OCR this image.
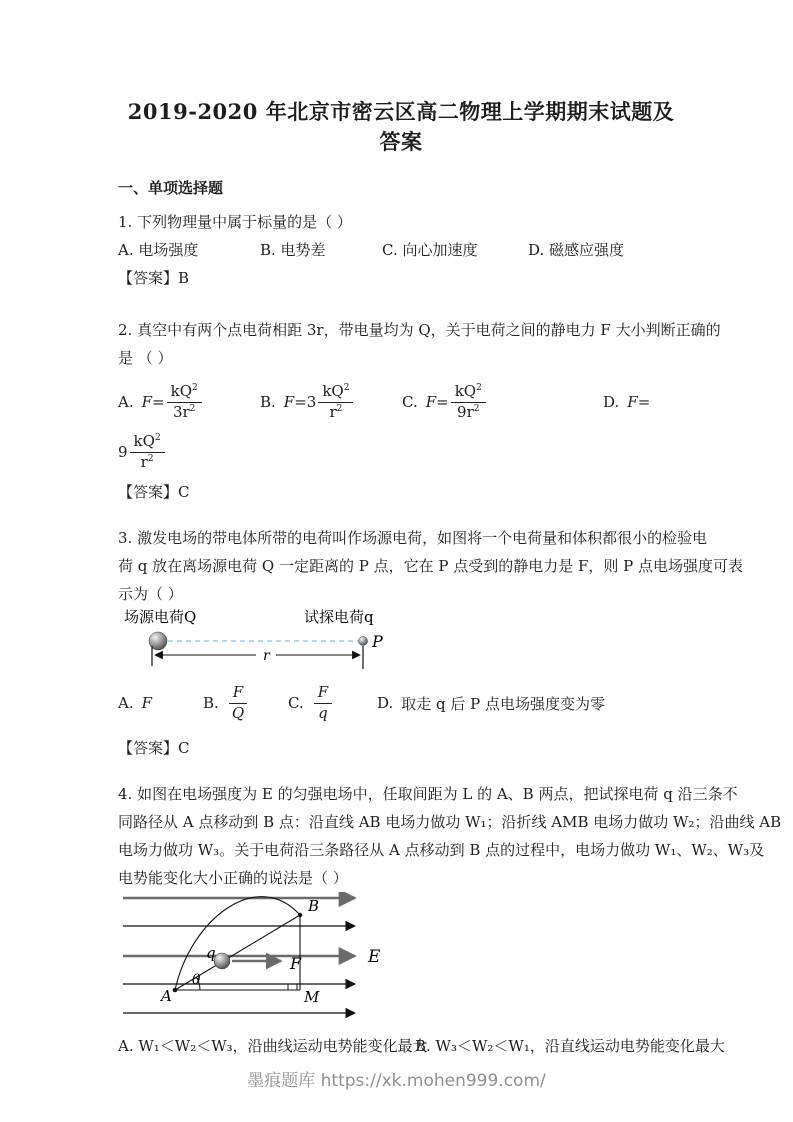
2019-2020 年北京市密云区高二物理上学期期末试题及答案
一、单项选择题

1. 下列物理量中属于标量的是（ ）

A. 电场强度	B. 电势差	C. 向心加速度	D. 磁感应强度

【答案】B

2. 真空中有两个点电荷相距 3r，带电量均为 Q，关于电荷之间的静电力 F 大小判断正确的

是 （ ）

A. $F = \frac{kQ^2}{3r^2}$	B. $F = 3 \frac{kQ^2}{r^2}$	C. $F = \frac{kQ^2}{9r^2}$	D. F =
$9 \frac{kQ^2}{r^2}$

【答案】C

3. 激发电场的带电体所带的电荷叫作场源电荷，如图将一个电荷量和体积都很小的检验电

荷 q 放在离场源电荷 Q 一定距离的 P 点，它在 P 点受到的静电力是 F，则 P 点电场强度可表

示为（ ）

场源电荷Q	试探电荷q
P
r
A. F	B. $\frac{F}{Q}$	C. $\frac{F}{q}$	D. 取走 q 后 P 点电场强度变为零

【答案】C

4. 如图在电场强度为 E 的匀强电场中，任取间距为 L 的 A、B 两点，把试探电荷 q 沿三条不

同路径从 A 点移动到 B 点：沿直线 AB 电场力做功 W₁；沿折线 AMB 电场力做功 W₂；沿曲线 AB

电场力做功 W₃。关于电荷沿三条路径从 A 点移动到 B 点的过程中，电场力做功 W₁、W₂、W₃及

电势能变化大小正确的说法是（ ）

E
A
B
M
θ
q
F
A. W₁＜W₂＜W₃，沿曲线运动电势能变化最大
B. W₃＜W₂＜W₁，沿直线运动电势能变化最大
墨痕题库 https://xk.mohen999.com/
